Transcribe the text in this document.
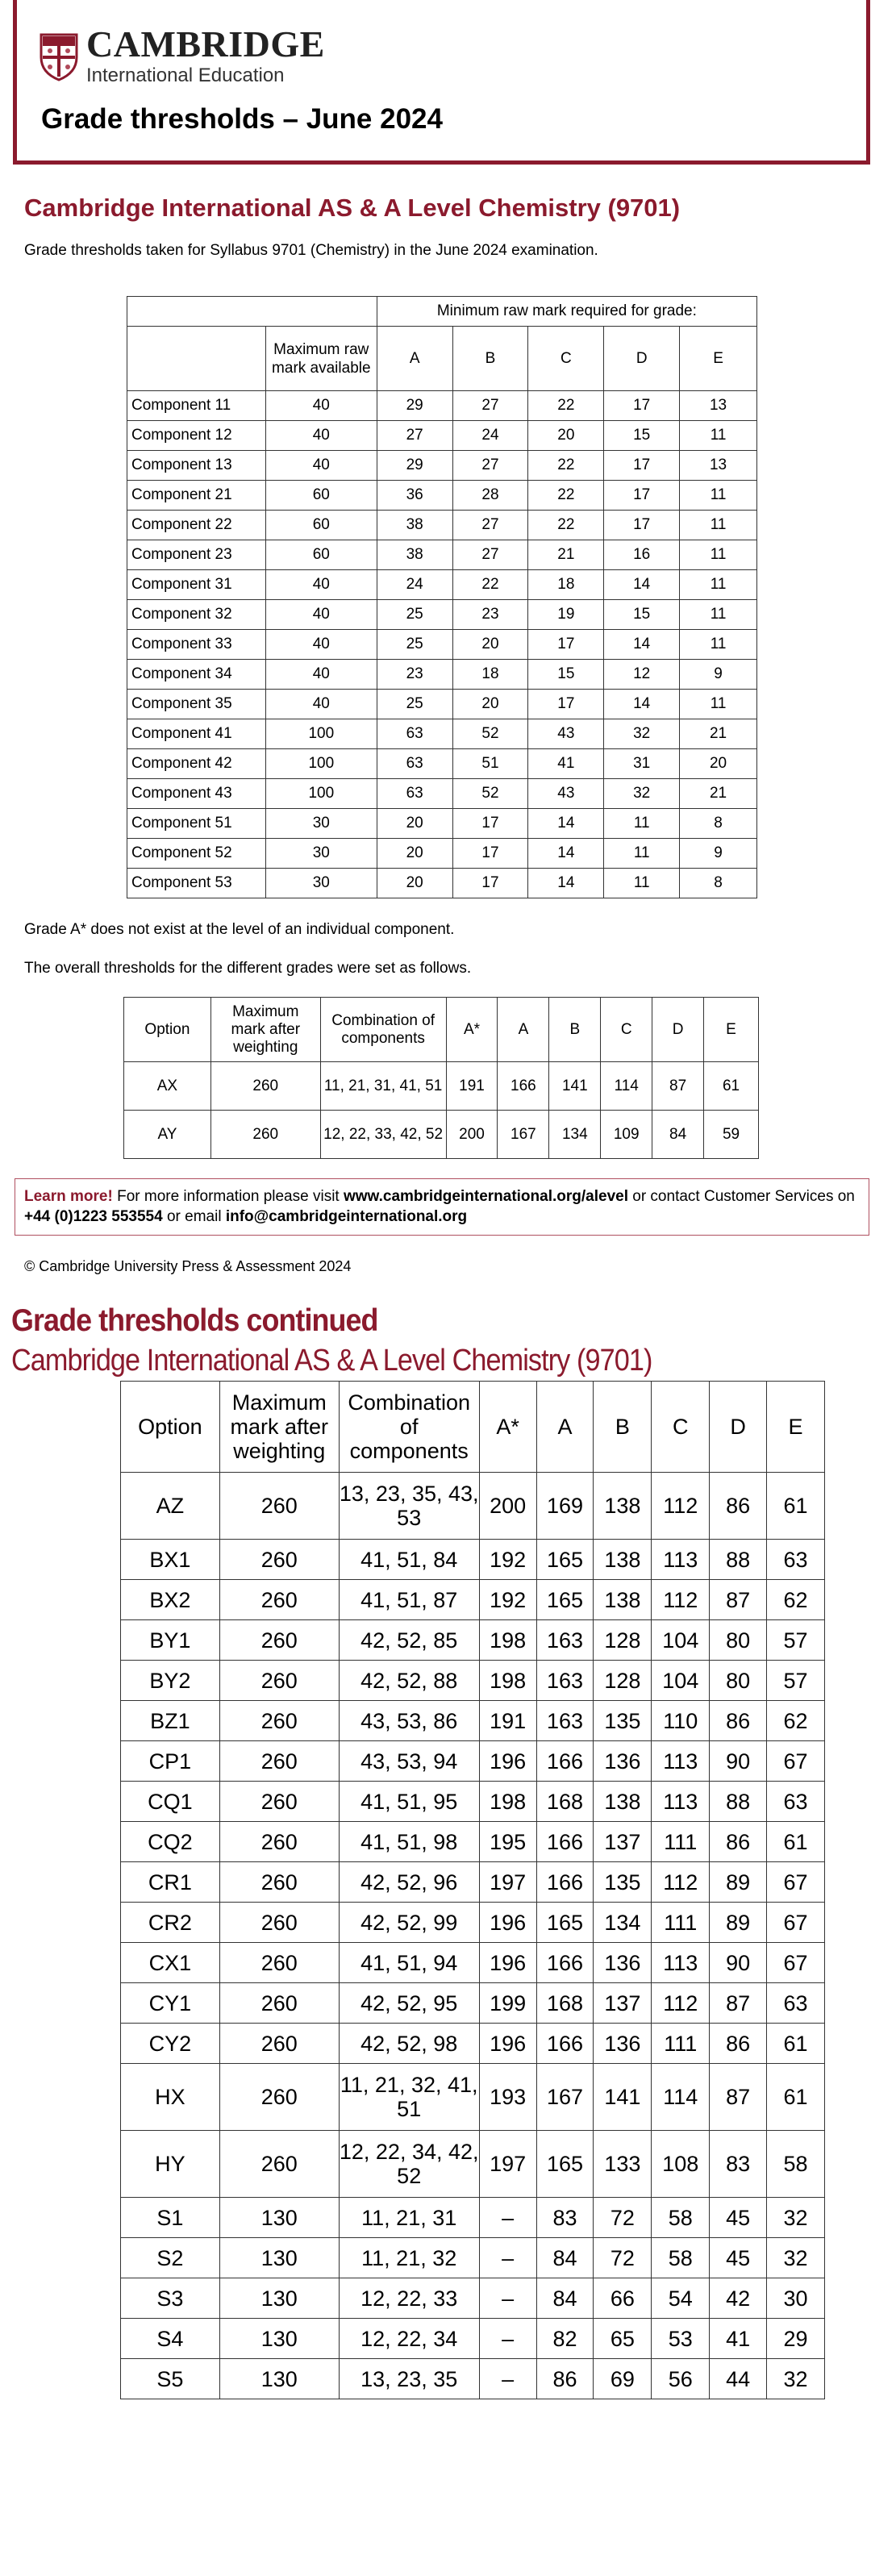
CAMBRIDGE
International Education
Grade thresholds – June 2024
Cambridge International AS & A Level Chemistry (9701)
Grade thresholds taken for Syllabus 9701 (Chemistry) in the June 2024 examination.
		Minimum raw mark required for grade:				
	Maximum raw mark available	A	B	C	D	E
Component 11	40	29	27	22	17	13
Component 12	40	27	24	20	15	11
Component 13	40	29	27	22	17	13
Component 21	60	36	28	22	17	11
Component 22	60	38	27	22	17	11
Component 23	60	38	27	21	16	11
Component 31	40	24	22	18	14	11
Component 32	40	25	23	19	15	11
Component 33	40	25	20	17	14	11
Component 34	40	23	18	15	12	9
Component 35	40	25	20	17	14	11
Component 41	100	63	52	43	32	21
Component 42	100	63	51	41	31	20
Component 43	100	63	52	43	32	21
Component 51	30	20	17	14	11	8
Component 52	30	20	17	14	11	9
Component 53	30	20	17	14	11	8
Grade A* does not exist at the level of an individual component.
The overall thresholds for the different grades were set as follows.
Option	Maximum mark after weighting	Combination of components	A*	A	B	C	D	E
AX	260	11, 21, 31, 41, 51	191	166	141	114	87	61
AY	260	12, 22, 33, 42, 52	200	167	134	109	84	59
Learn more! For more information please visit www.cambridgeinternational.org/alevel or contact Customer Services on +44 (0)1223 553554 or email info@cambridgeinternational.org
© Cambridge University Press & Assessment 2024
Grade thresholds continued
Cambridge International AS & A Level Chemistry (9701)
Option	Maximum mark after weighting	Combination of components	A*	A	B	C	D	E
AZ	260	13, 23, 35, 43, 53	200	169	138	112	86	61
BX1	260	41, 51, 84	192	165	138	113	88	63
BX2	260	41, 51, 87	192	165	138	112	87	62
BY1	260	42, 52, 85	198	163	128	104	80	57
BY2	260	42, 52, 88	198	163	128	104	80	57
BZ1	260	43, 53, 86	191	163	135	110	86	62
CP1	260	43, 53, 94	196	166	136	113	90	67
CQ1	260	41, 51, 95	198	168	138	113	88	63
CQ2	260	41, 51, 98	195	166	137	111	86	61
CR1	260	42, 52, 96	197	166	135	112	89	67
CR2	260	42, 52, 99	196	165	134	111	89	67
CX1	260	41, 51, 94	196	166	136	113	90	67
CY1	260	42, 52, 95	199	168	137	112	87	63
CY2	260	42, 52, 98	196	166	136	111	86	61
HX	260	11, 21, 32, 41, 51	193	167	141	114	87	61
HY	260	12, 22, 34, 42, 52	197	165	133	108	83	58
S1	130	11, 21, 31	–	83	72	58	45	32
S2	130	11, 21, 32	–	84	72	58	45	32
S3	130	12, 22, 33	–	84	66	54	42	30
S4	130	12, 22, 34	–	82	65	53	41	29
S5	130	13, 23, 35	–	86	69	56	44	32
